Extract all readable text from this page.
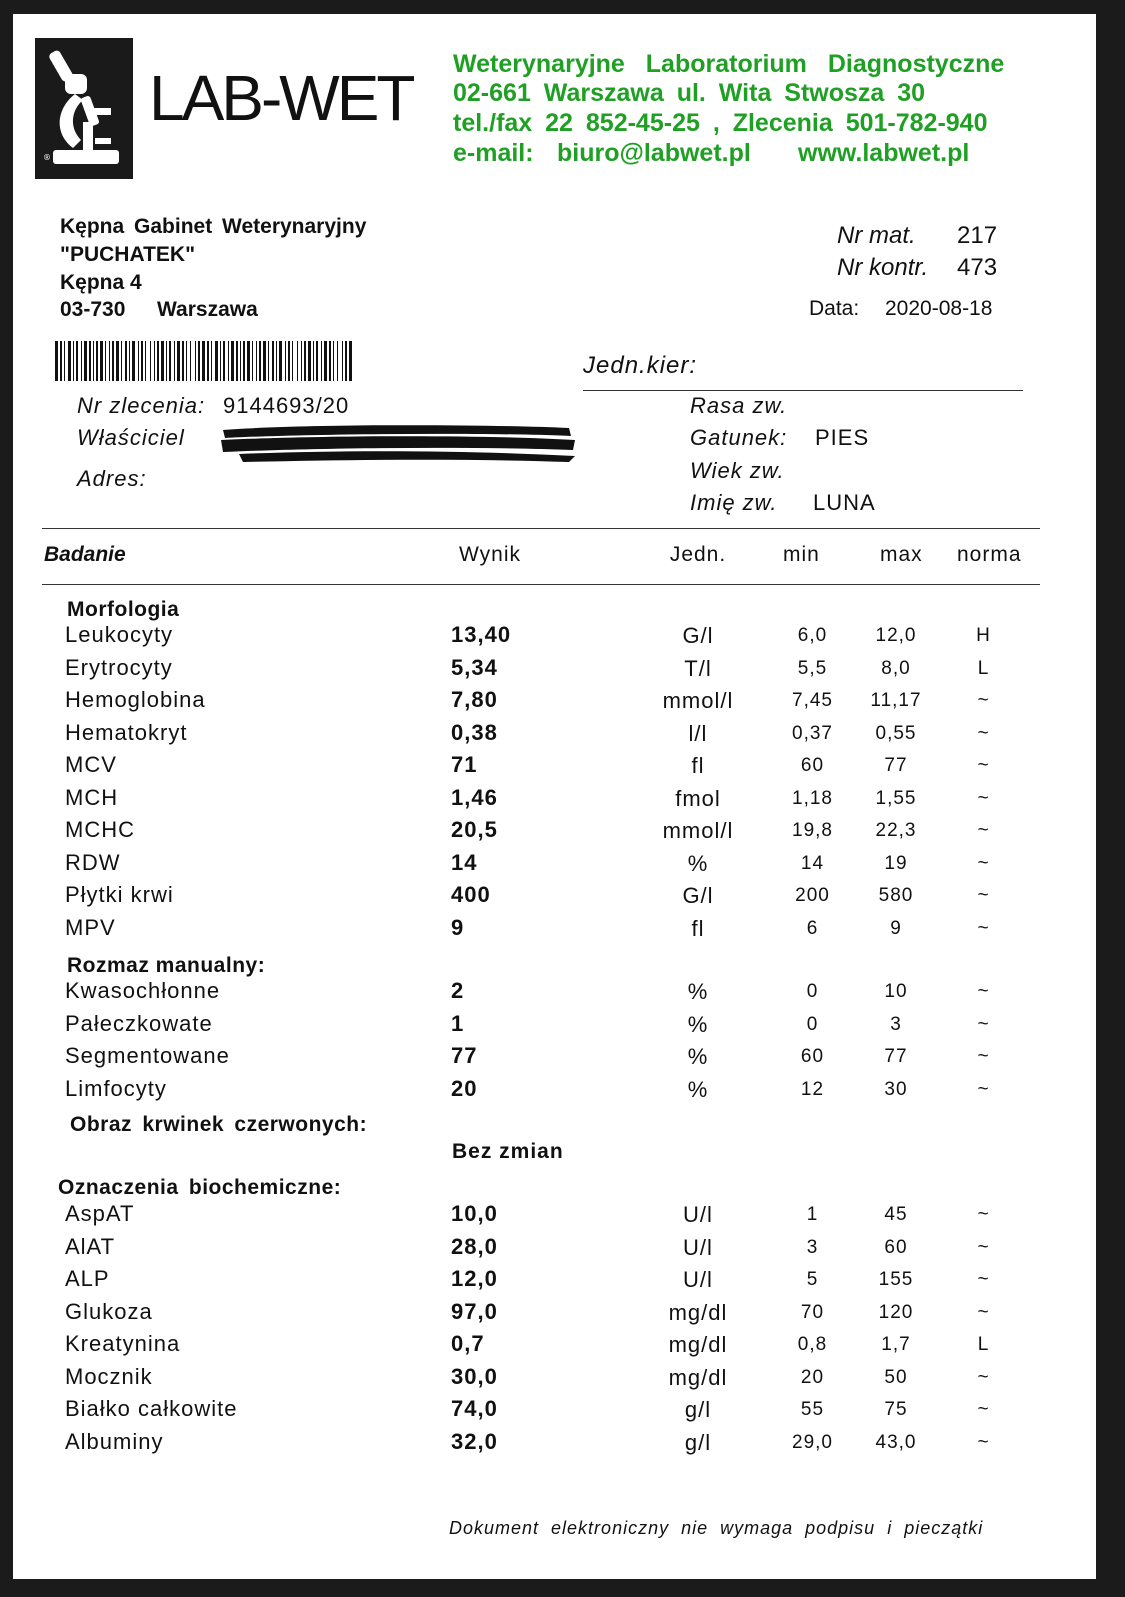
®
LAB-WET Weterynaryjne Laboratorium Diagnostyczne
02-661 Warszawa ul. Wita Stwosza 30
tel./fax 22 852-45-25 , Zlecenia 501-782-940
e-mail: biuro@labwet.pl www.labwet.pl
Kępna Gabinet Weterynaryjny
"PUCHATEK"
Kępna 4
03-730 Warszawa
Nr mat. 217
Nr kontr. 473
Data: 2020-08-18
Jedn.kier:
Nr zlecenia: 9144693/20
Właściciel
Adres:
Rasa zw.
Gatunek: PIES
Wiek zw.
Imię zw. LUNA
Badanie	Wynik	Jedn.	min	max norma
Morfologia
Leukocyty	13,40	G/l	6,0	12,0	H
Erytrocyty	5,34	T/l	5,5	8,0	L
Hemoglobina	7,80	mmol/l	7,45	11,17	~
Hematokryt	0,38	l/l	0,37	0,55	~
MCV	71	fl	60	77	~
MCH	1,46	fmol	1,18	1,55	~
MCHC	20,5	mmol/l	19,8	22,3	~
RDW	14	%	14	19	~
Płytki krwi	400	G/l	200	580	~
MPV	9	fl	6	9	~
Rozmaz manualny:
Kwasochłonne	2	%	0	10	~
Pałeczkowate	1	%	0	3	~
Segmentowane	77	%	60	77	~
Limfocyty	20	%	12	30	~
Obraz krwinek czerwonych:
Bez zmian
Oznaczenia biochemiczne:
AspAT	10,0	U/l	1	45	~
AlAT	28,0	U/l	3	60	~
ALP	12,0	U/l	5	155	~
Glukoza	97,0	mg/dl	70	120	~
Kreatynina	0,7	mg/dl	0,8	1,7	L
Mocznik	30,0	mg/dl	20	50	~
Białko całkowite	74,0	g/l	55	75	~
Albuminy	32,0	g/l	29,0	43,0	~
Dokument elektroniczny nie wymaga podpisu i pieczątki
